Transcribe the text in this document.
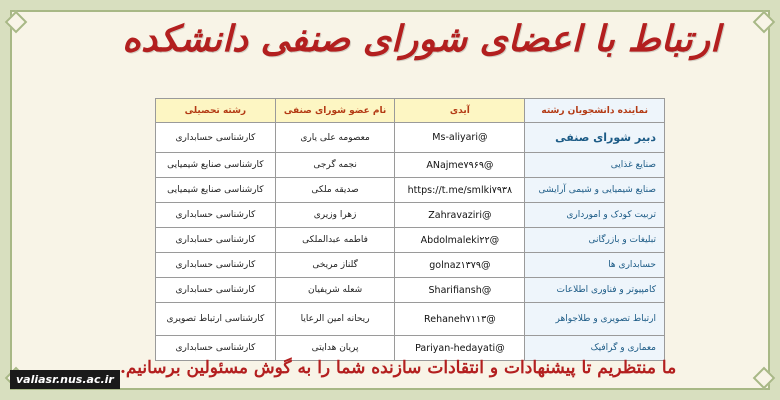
ارتباط با اعضای شورای صنفی دانشکده
نماینده دانشجویان رشته	آیدی	نام عضو شورای صنفی	رشته تحصیلی
دبیر شورای صنفی	@Ms-aliyari	معصومه علی یاری	کارشناسی حسابداری
صنایع غذایی	@ANajme۷۹۶۹	نجمه گرجی	کارشناسی صنایع شیمیایی
صنایع شیمیایی و شیمی آرایشی	https://t.me/smlki۷۹۳۸	صدیقه ملکی	کارشناسی صنایع شیمیایی
تربیت کودک و امورداری	@Zahravaziri	زهرا وزیری	کارشناسی حسابداری
تبلیغات و بازرگانی	@Abdolmaleki۲۲	فاطمه عبدالملکی	کارشناسی حسابداری
حسابداری ها	@golnaz۱۳۷۹	گلناز مریخی	کارشناسی حسابداری
کامپیوتر و فناوری اطلاعات	@Sharifiansh	شعله شریفیان	کارشناسی حسابداری
ارتباط تصویری و طلاجواهر	@Rehaneh۷۱۱۳	ریحانه امین الرعایا	کارشناسی ارتباط تصویری
معماری و گرافیک	@Pariyan-hedayati	پریان هدایتی	کارشناسی حسابداری
ما منتظریم تا پیشنهادات و انتقادات سازنده شما را به گوش مسئولین برسانیم.
valiasr.nus.ac.ir
